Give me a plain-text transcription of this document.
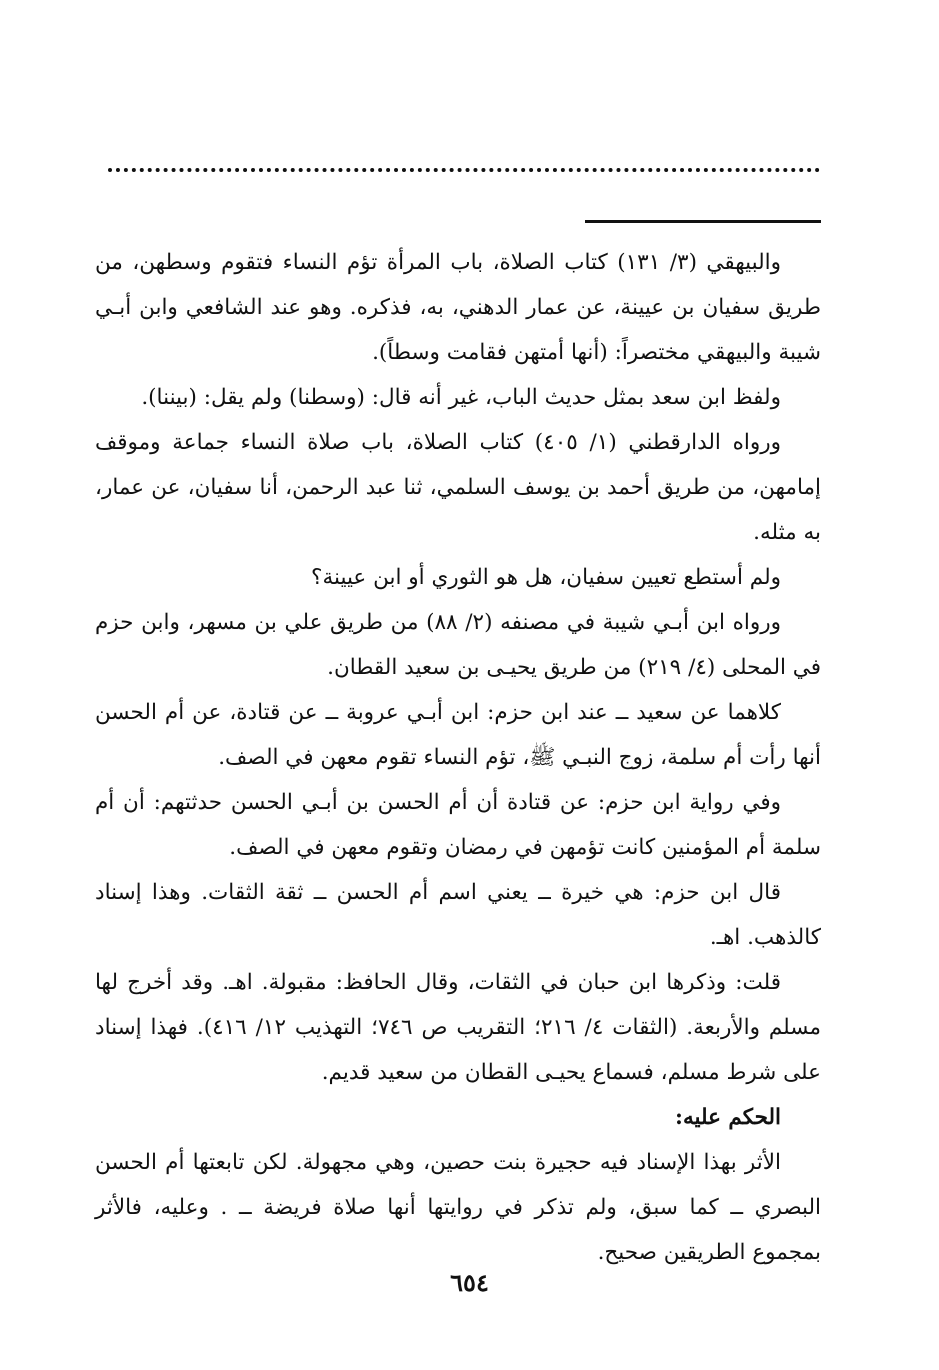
والبيهقي (٣/ ١٣١) كتاب الصلاة، باب المرأة تؤم النساء فتقوم وسطهن، من طريق سفيان بن عيينة، عن عمار الدهني، به، فذكره. وهو عند الشافعي وابن أبـي شيبة والبيهقي مختصراً: (أنها أمتهن فقامت وسطاً).

ولفظ ابن سعد بمثل حديث الباب، غير أنه قال: (وسطنا) ولم يقل: (بيننا).

ورواه الدارقطني (١/ ٤٠٥) كتاب الصلاة، باب صلاة النساء جماعة وموقف إمامهن، من طريق أحمد بن يوسف السلمي، ثنا عبد الرحمن، أنا سفيان، عن عمار، به مثله.

ولم أستطع تعيين سفيان، هل هو الثوري أو ابن عيينة؟

ورواه ابن أبـي شيبة في مصنفه (٢/ ٨٨) من طريق علي بن مسهر، وابن حزم في المحلى (٤/ ٢١٩) من طريق يحيـى بن سعيد القطان.

كلاهما عن سعيد ــ عند ابن حزم: ابن أبـي عروبة ــ عن قتادة، عن أم الحسن أنها رأت أم سلمة، زوج النبـي ﷺ، تؤم النساء تقوم معهن في الصف.

وفي رواية ابن حزم: عن قتادة أن أم الحسن بن أبـي الحسن حدثتهم: أن أم سلمة أم المؤمنين كانت تؤمهن في رمضان وتقوم معهن في الصف.

قال ابن حزم: هي خيرة ــ يعني اسم أم الحسن ــ ثقة الثقات. وهذا إسناد كالذهب. اهـ.

قلت: وذكرها ابن حبان في الثقات، وقال الحافظ: مقبولة. اهـ. وقد أخرج لها مسلم والأربعة. (الثقات ٤/ ٢١٦؛ التقريب ص ٧٤٦؛ التهذيب ١٢/ ٤١٦). فهذا إسناد على شرط مسلم، فسماع يحيـى القطان من سعيد قديم.

الحكم عليه:

الأثر بهذا الإسناد فيه حجيرة بنت حصين، وهي مجهولة. لكن تابعتها أم الحسن البصري ــ كما سبق، ولم تذكر في روايتها أنها صلاة فريضة ــ . وعليه، فالأثر بمجموع الطريقين صحيح.

٦٥٤
